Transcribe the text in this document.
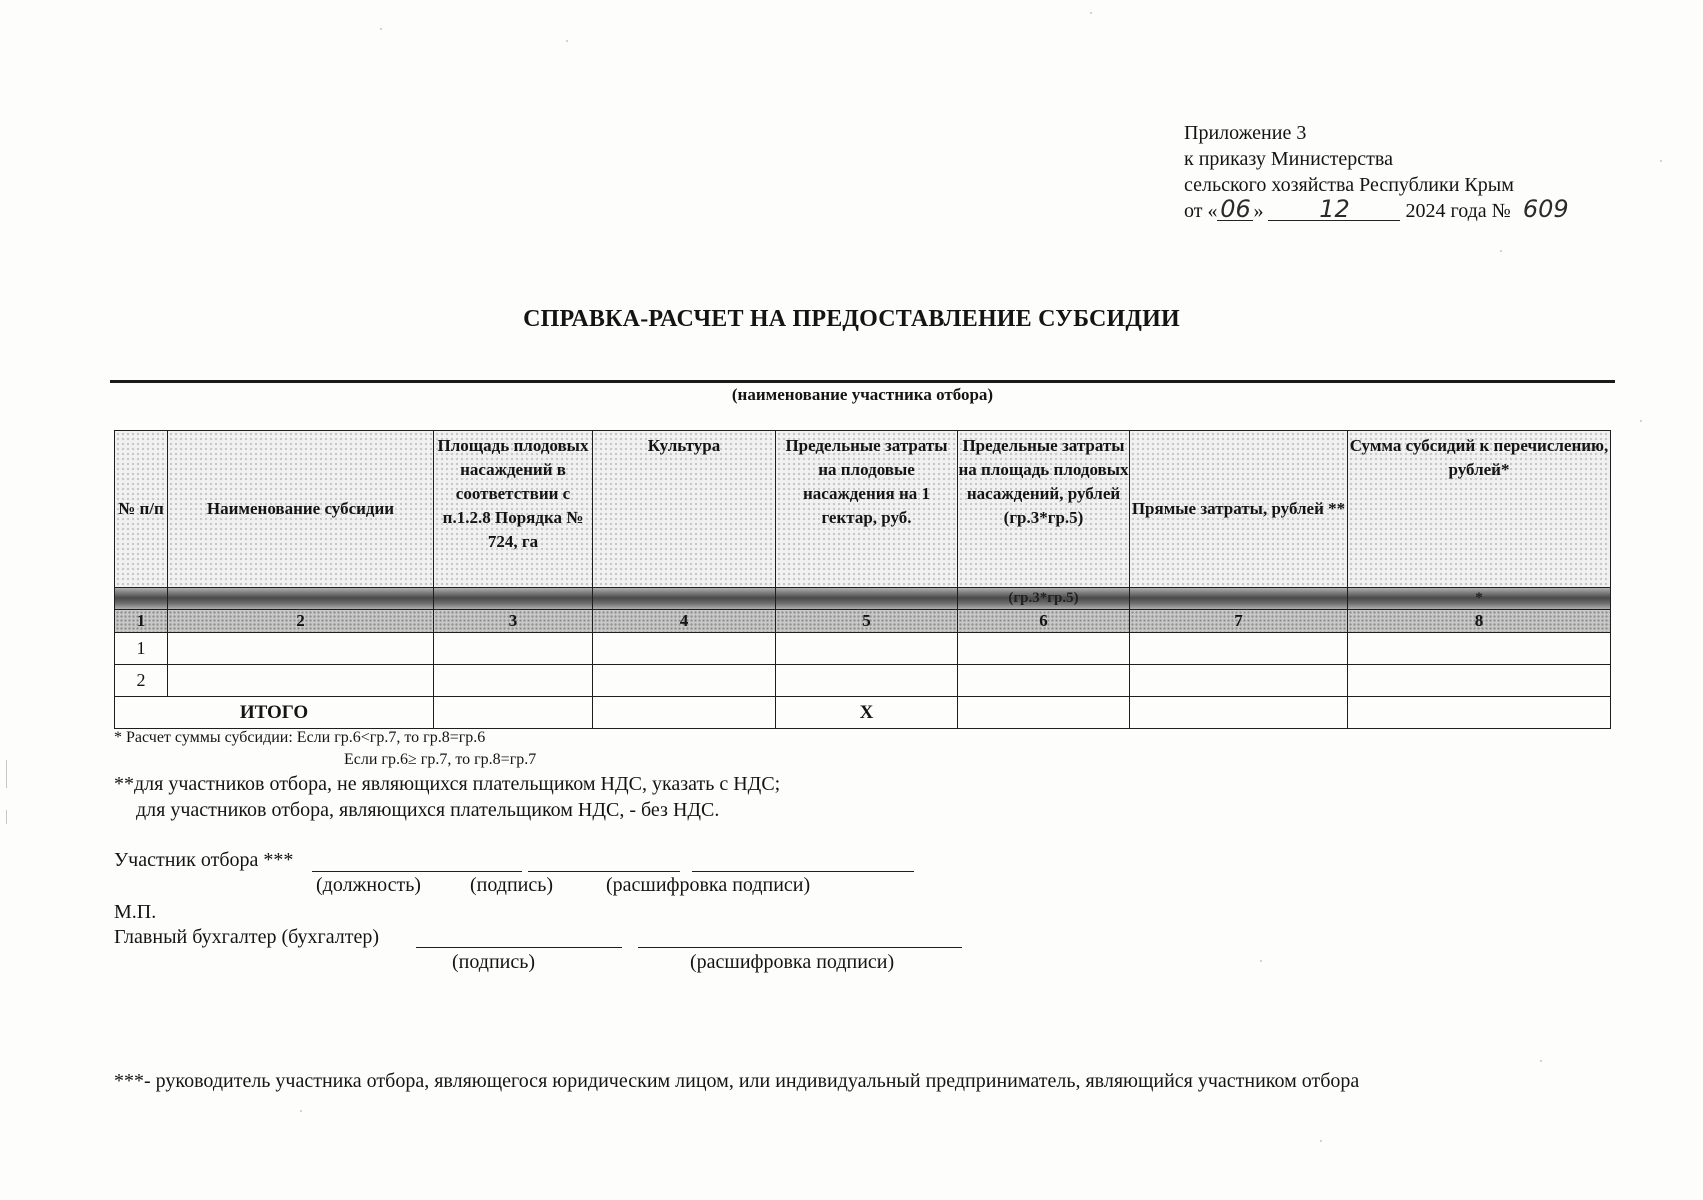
Приложение 3
к приказу Министерства
сельского хозяйства Республики Крым
от « 06 » 12	2024 года № 609
СПРАВКА-РАСЧЕТ НА ПРЕДОСТАВЛЕНИЕ СУБСИДИИ
(наименование участника отбора)
№ п/п	Наименование субсидии	Площадь плодовых насаждений в соответствии с п.1.2.8 Порядка № 724, га	Культура	Предельные затраты на плодовые насаждения на 1 гектар, руб.	Предельные затраты на площадь плодовых насаждений, рублей (гр.3*гр.5)	Прямые затраты, рублей **	Сумма субсидий к перечислению, рублей*
					(гр.3*гр.5)		*
1	2	3	4	5	6	7	8
1							
2							
ИТОГО				X			
* Расчет суммы субсидии: Если гр.6<гр.7, то гр.8=гр.6
Если гр.6≥ гр.7, то гр.8=гр.7
**для участников отбора, не являющихся плательщиком НДС, указать с НДС;
для участников отбора, являющихся плательщиком НДС, - без НДС.
Участник отбора ***
(должность) (подпись)	(расшифровка подписи)
М.П.
Главный бухгалтер (бухгалтер)
(подпись)	(расшифровка подписи)
***- руководитель участника отбора, являющегося юридическим лицом, или индивидуальный предприниматель, являющийся участником отбора
